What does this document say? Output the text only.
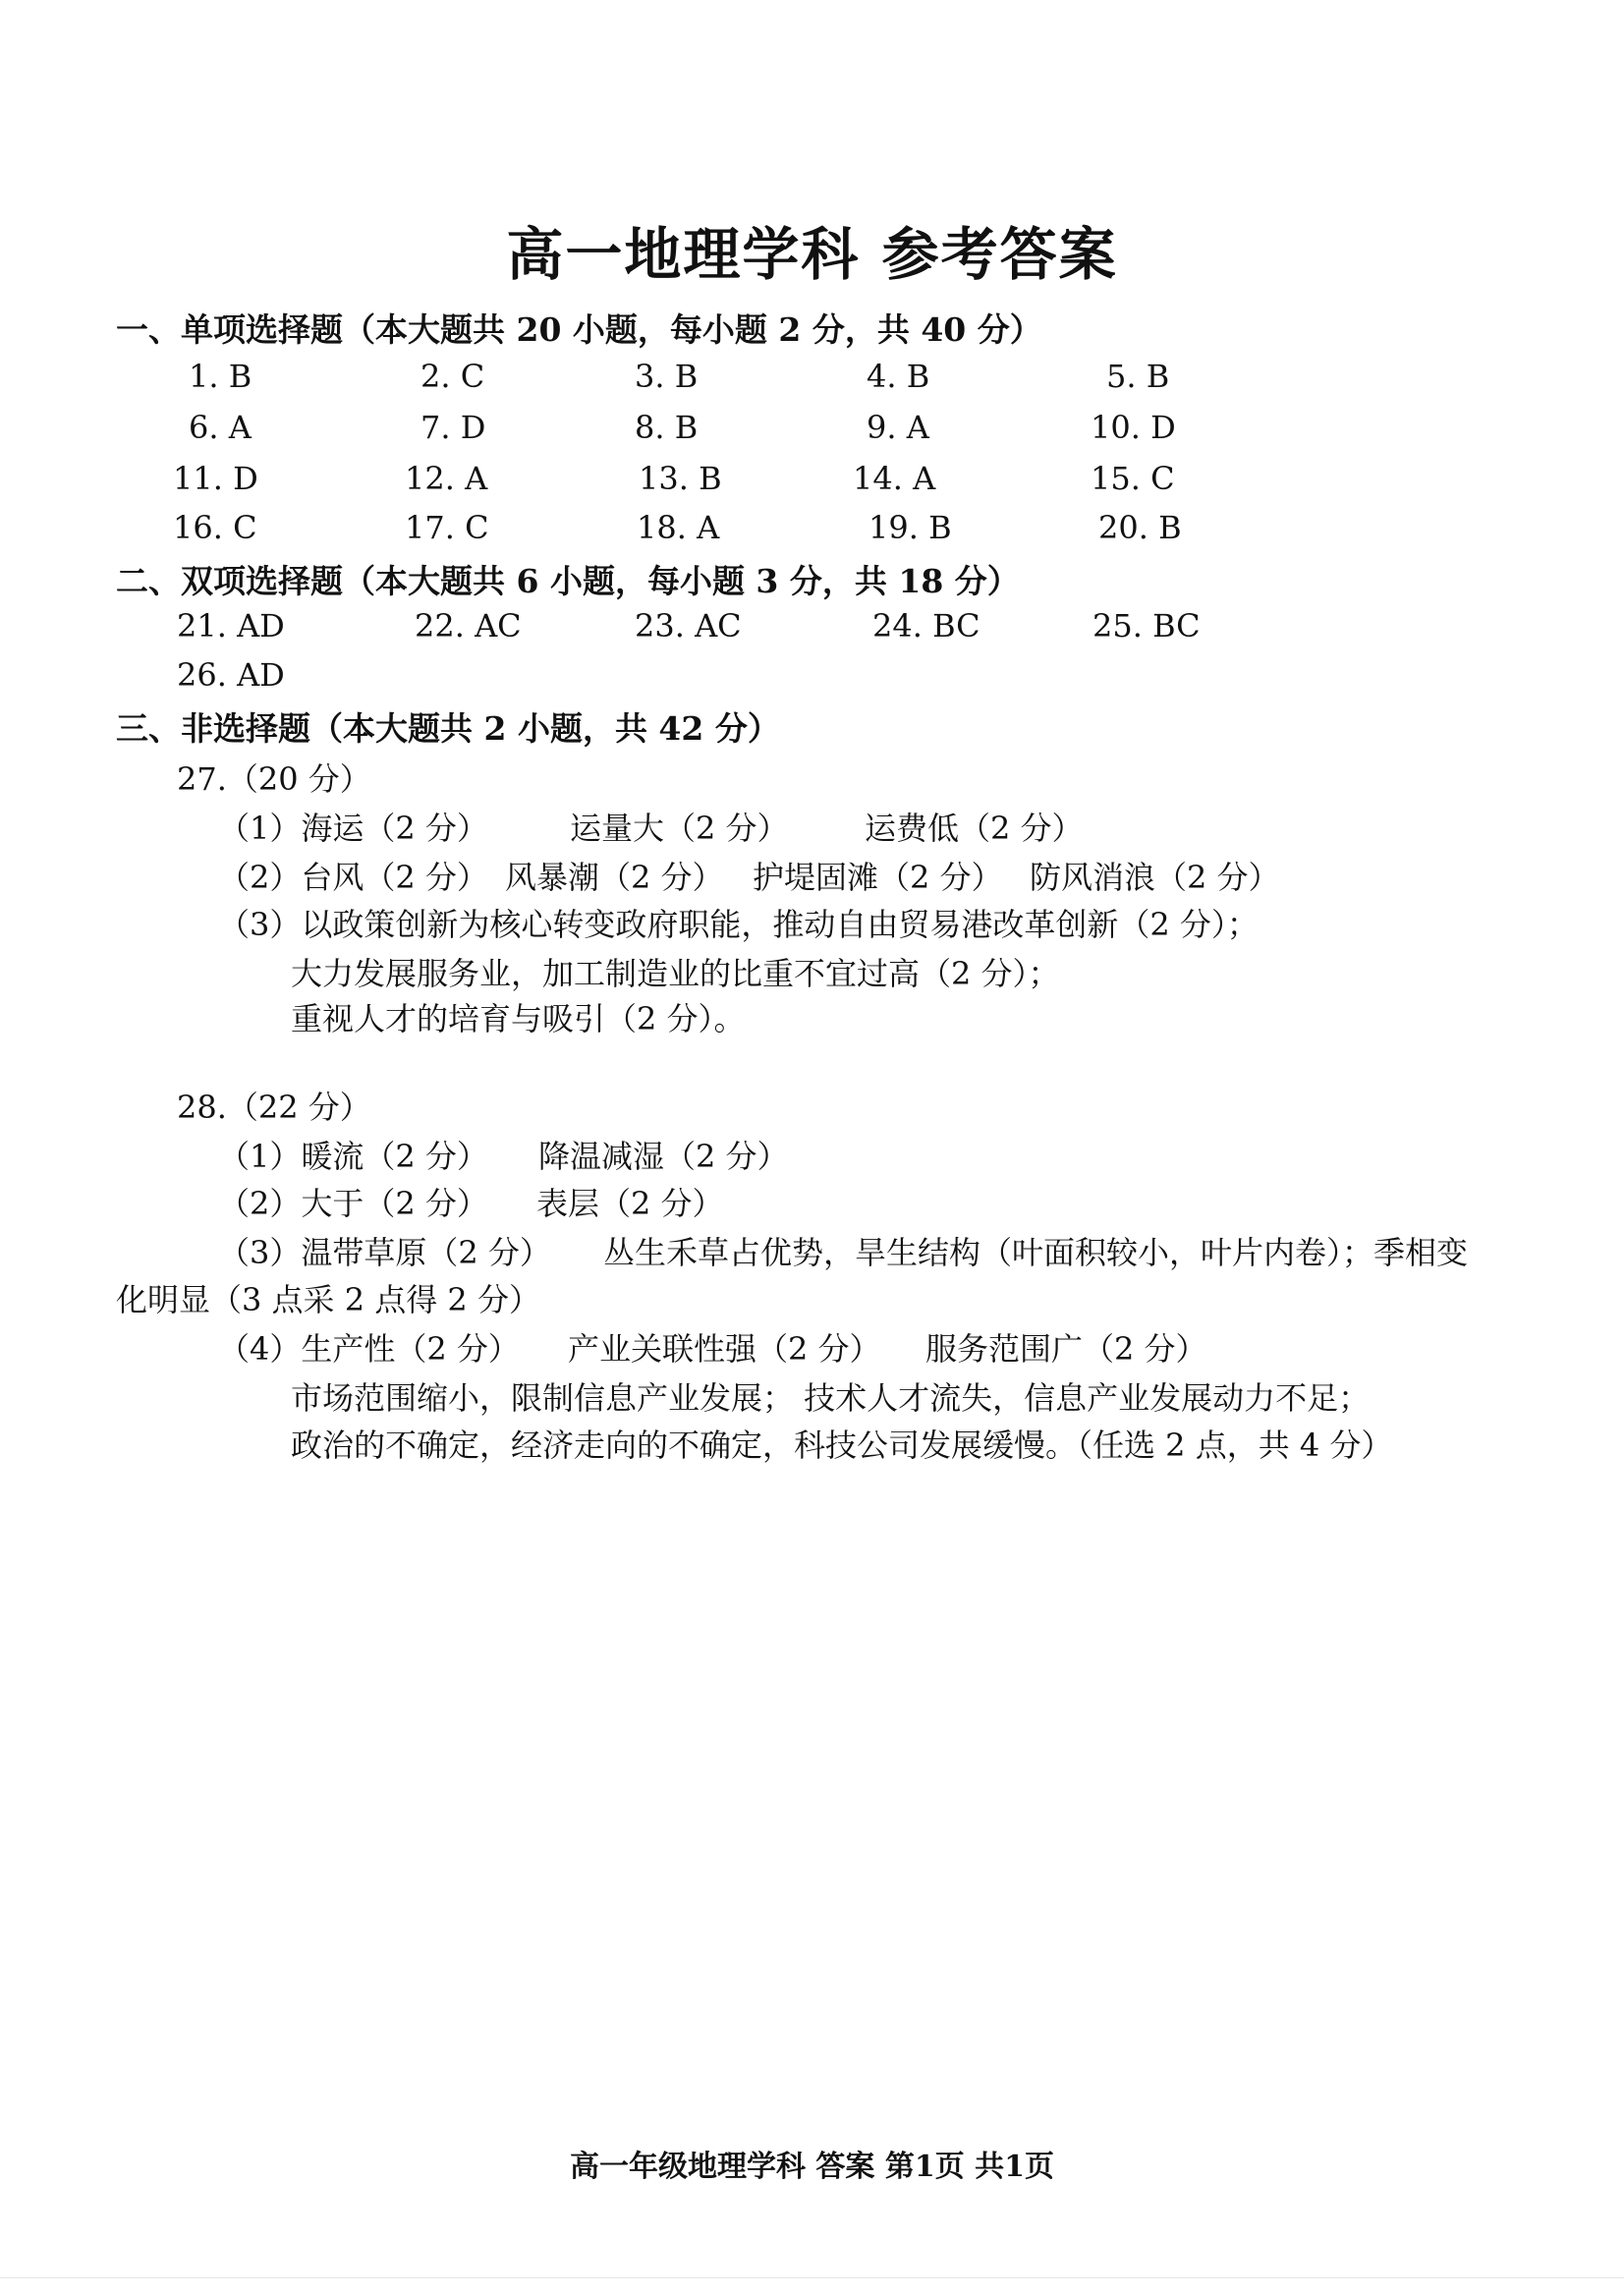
高一地理学科 参考答案
一、单项选择题（本大题共 20 小题，每小题 2 分，共 40 分）
1. B	2. C	3. B	4. B	5. B
6. A	7. D	8. B	9. A	10. D
11. D	12. A	13. B	14. A	15. C
16. C	17. C	18. A	19. B	20. B
二、双项选择题（本大题共 6 小题，每小题 3 分，共 18 分）
21. AD	22. AC	23. AC	24. BC	25. BC
26. AD
三、非选择题（本大题共 2 小题，共 42 分）
27.（20 分）
（1）海运（2 分）	运量大（2 分） 运费低（2 分）
（2）台风（2 分） 风暴潮（2 分） 护堤固滩（2 分） 防风消浪（2 分）
（3）以政策创新为核心转变政府职能，推动自由贸易港改革创新（2 分）；
大力发展服务业，加工制造业的比重不宜过高（2 分）；
重视人才的培育与吸引（2 分）。
28.（22 分）
（1）暖流（2 分） 降温减湿（2 分）
（2）大于（2 分） 表层（2 分）
（3）温带草原（2 分） 丛生禾草占优势，旱生结构（叶面积较小，叶片内卷）；季相变
化明显（3 点采 2 点得 2 分）
（4）生产性（2 分） 产业关联性强（2 分） 服务范围广（2 分）
市场范围缩小，限制信息产业发展； 技术人才流失，信息产业发展动力不足；
政治的不确定，经济走向的不确定，科技公司发展缓慢。（任选 2 点，共 4 分）
高一年级地理学科 答案 第1页 共1页
